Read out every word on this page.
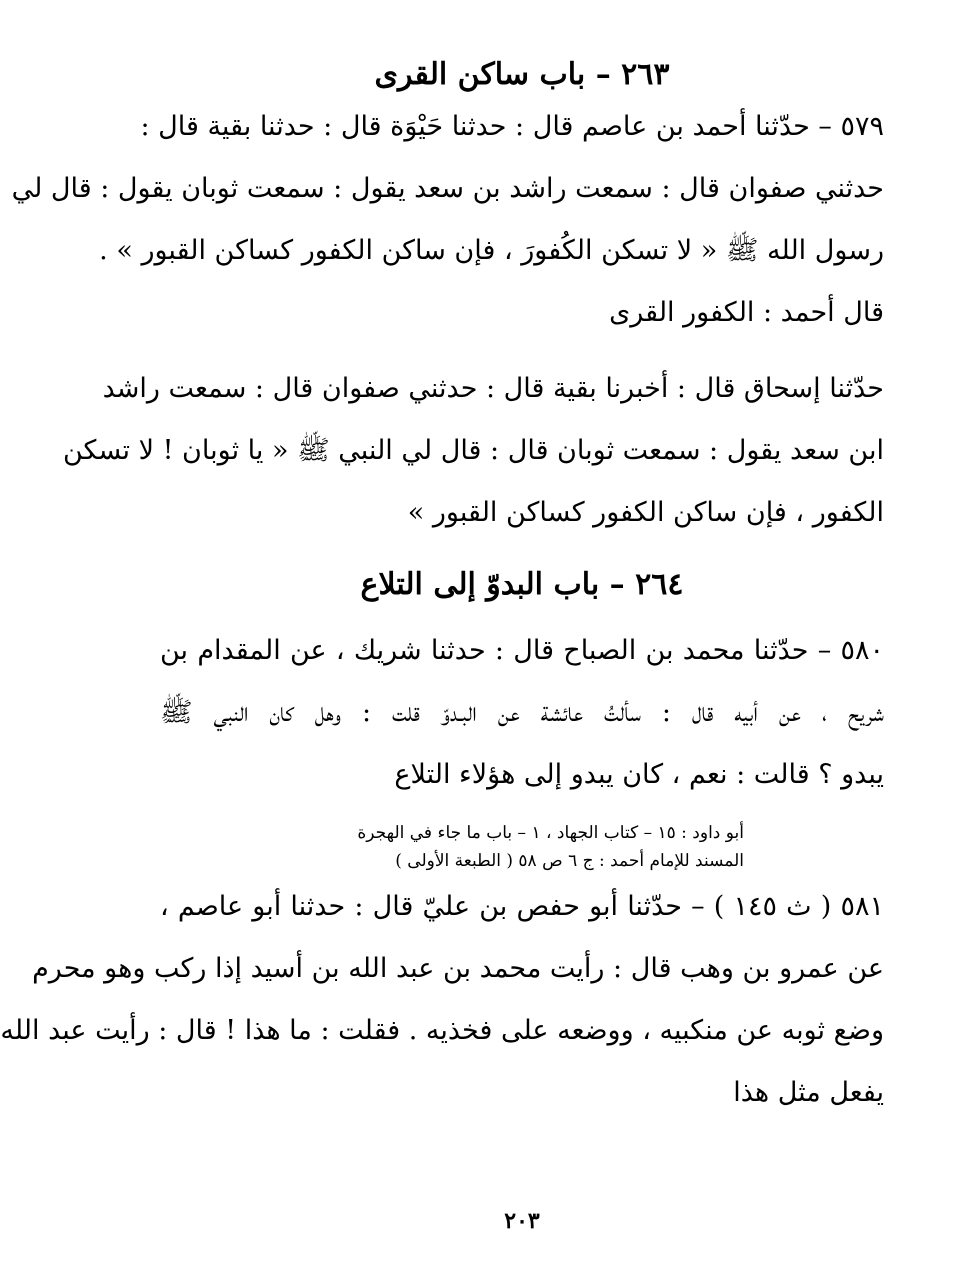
٢٦٣ – باب ساكن القرى
٥٧٩ – حدّثنا أحمد بن عاصم قال : حدثنا حَيْوَة قال : حدثنا بقية قال :
حدثني صفوان قال : سمعت راشد بن سعد يقول : سمعت ثوبان يقول : قال لي
رسول الله ﷺ « لا تسكن الكُفورَ ، فإن ساكن الكفور كساكن القبور » .
قال أحمد : الكفور القرى
حدّثنا إسحاق قال : أخبرنا بقية قال : حدثني صفوان قال : سمعت راشد
ابن سعد يقول : سمعت ثوبان قال : قال لي النبي ﷺ « يا ثوبان ! لا تسكن
الكفور ، فإن ساكن الكفور كساكن القبور »
٢٦٤ – باب البدوّ إلى التلاع
٥٨٠ – حدّثنا محمد بن الصباح قال : حدثنا شريك ، عن المقدام بن
شريح ، عن أبيه قال : سألتُ عائشة عن البـدوّ قلت : وهل كان النبي ﷺ
يبدو ؟ قالت : نعم ، كان يبدو إلى هؤلاء التلاع
أبو داود : ١٥ – كتاب الجهاد ، ١ – باب ما جاء في الهجرة
المسند للإمام أحمد : ج ٦ ص ٥٨ ( الطبعة الأولى )
٥٨١ ( ث ١٤٥ ) – حدّثنا أبو حفص بن عليّ قال : حدثنا أبو عاصم ،
عن عمرو بن وهب قال : رأيت محمد بن عبد الله بن أسيد إذا ركب وهو محرم
وضع ثوبه عن منكبيه ، ووضعه على فخذيه . فقلت : ما هذا ! قال : رأيت عبد الله
يفعل مثل هذا
٢٠٣
